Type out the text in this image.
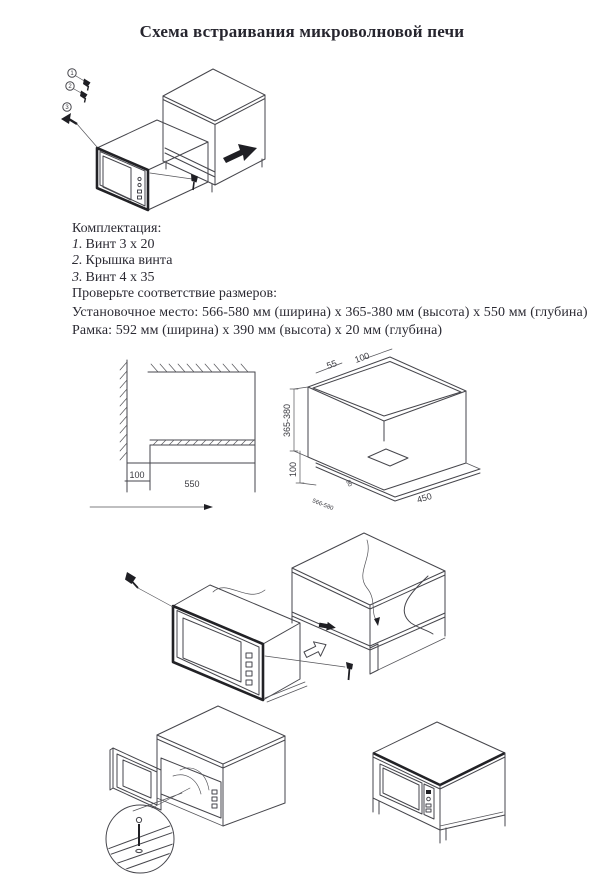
Схема встраивания микроволновой печи
1
2
3
Комплектация:
1. Винт 3 х 20
2. Крышка винта
3. Винт 4 х 35
Проверьте соответствие размеров:
Установочное место: 566-580 мм (ширина) x 365-380 мм (высота) x 550 мм (глубина)
Рамка: 592 мм (ширина) x 390 мм (высота) x 20 мм (глубина)
100
550
55 100
365-380
100
80
450
566-580
